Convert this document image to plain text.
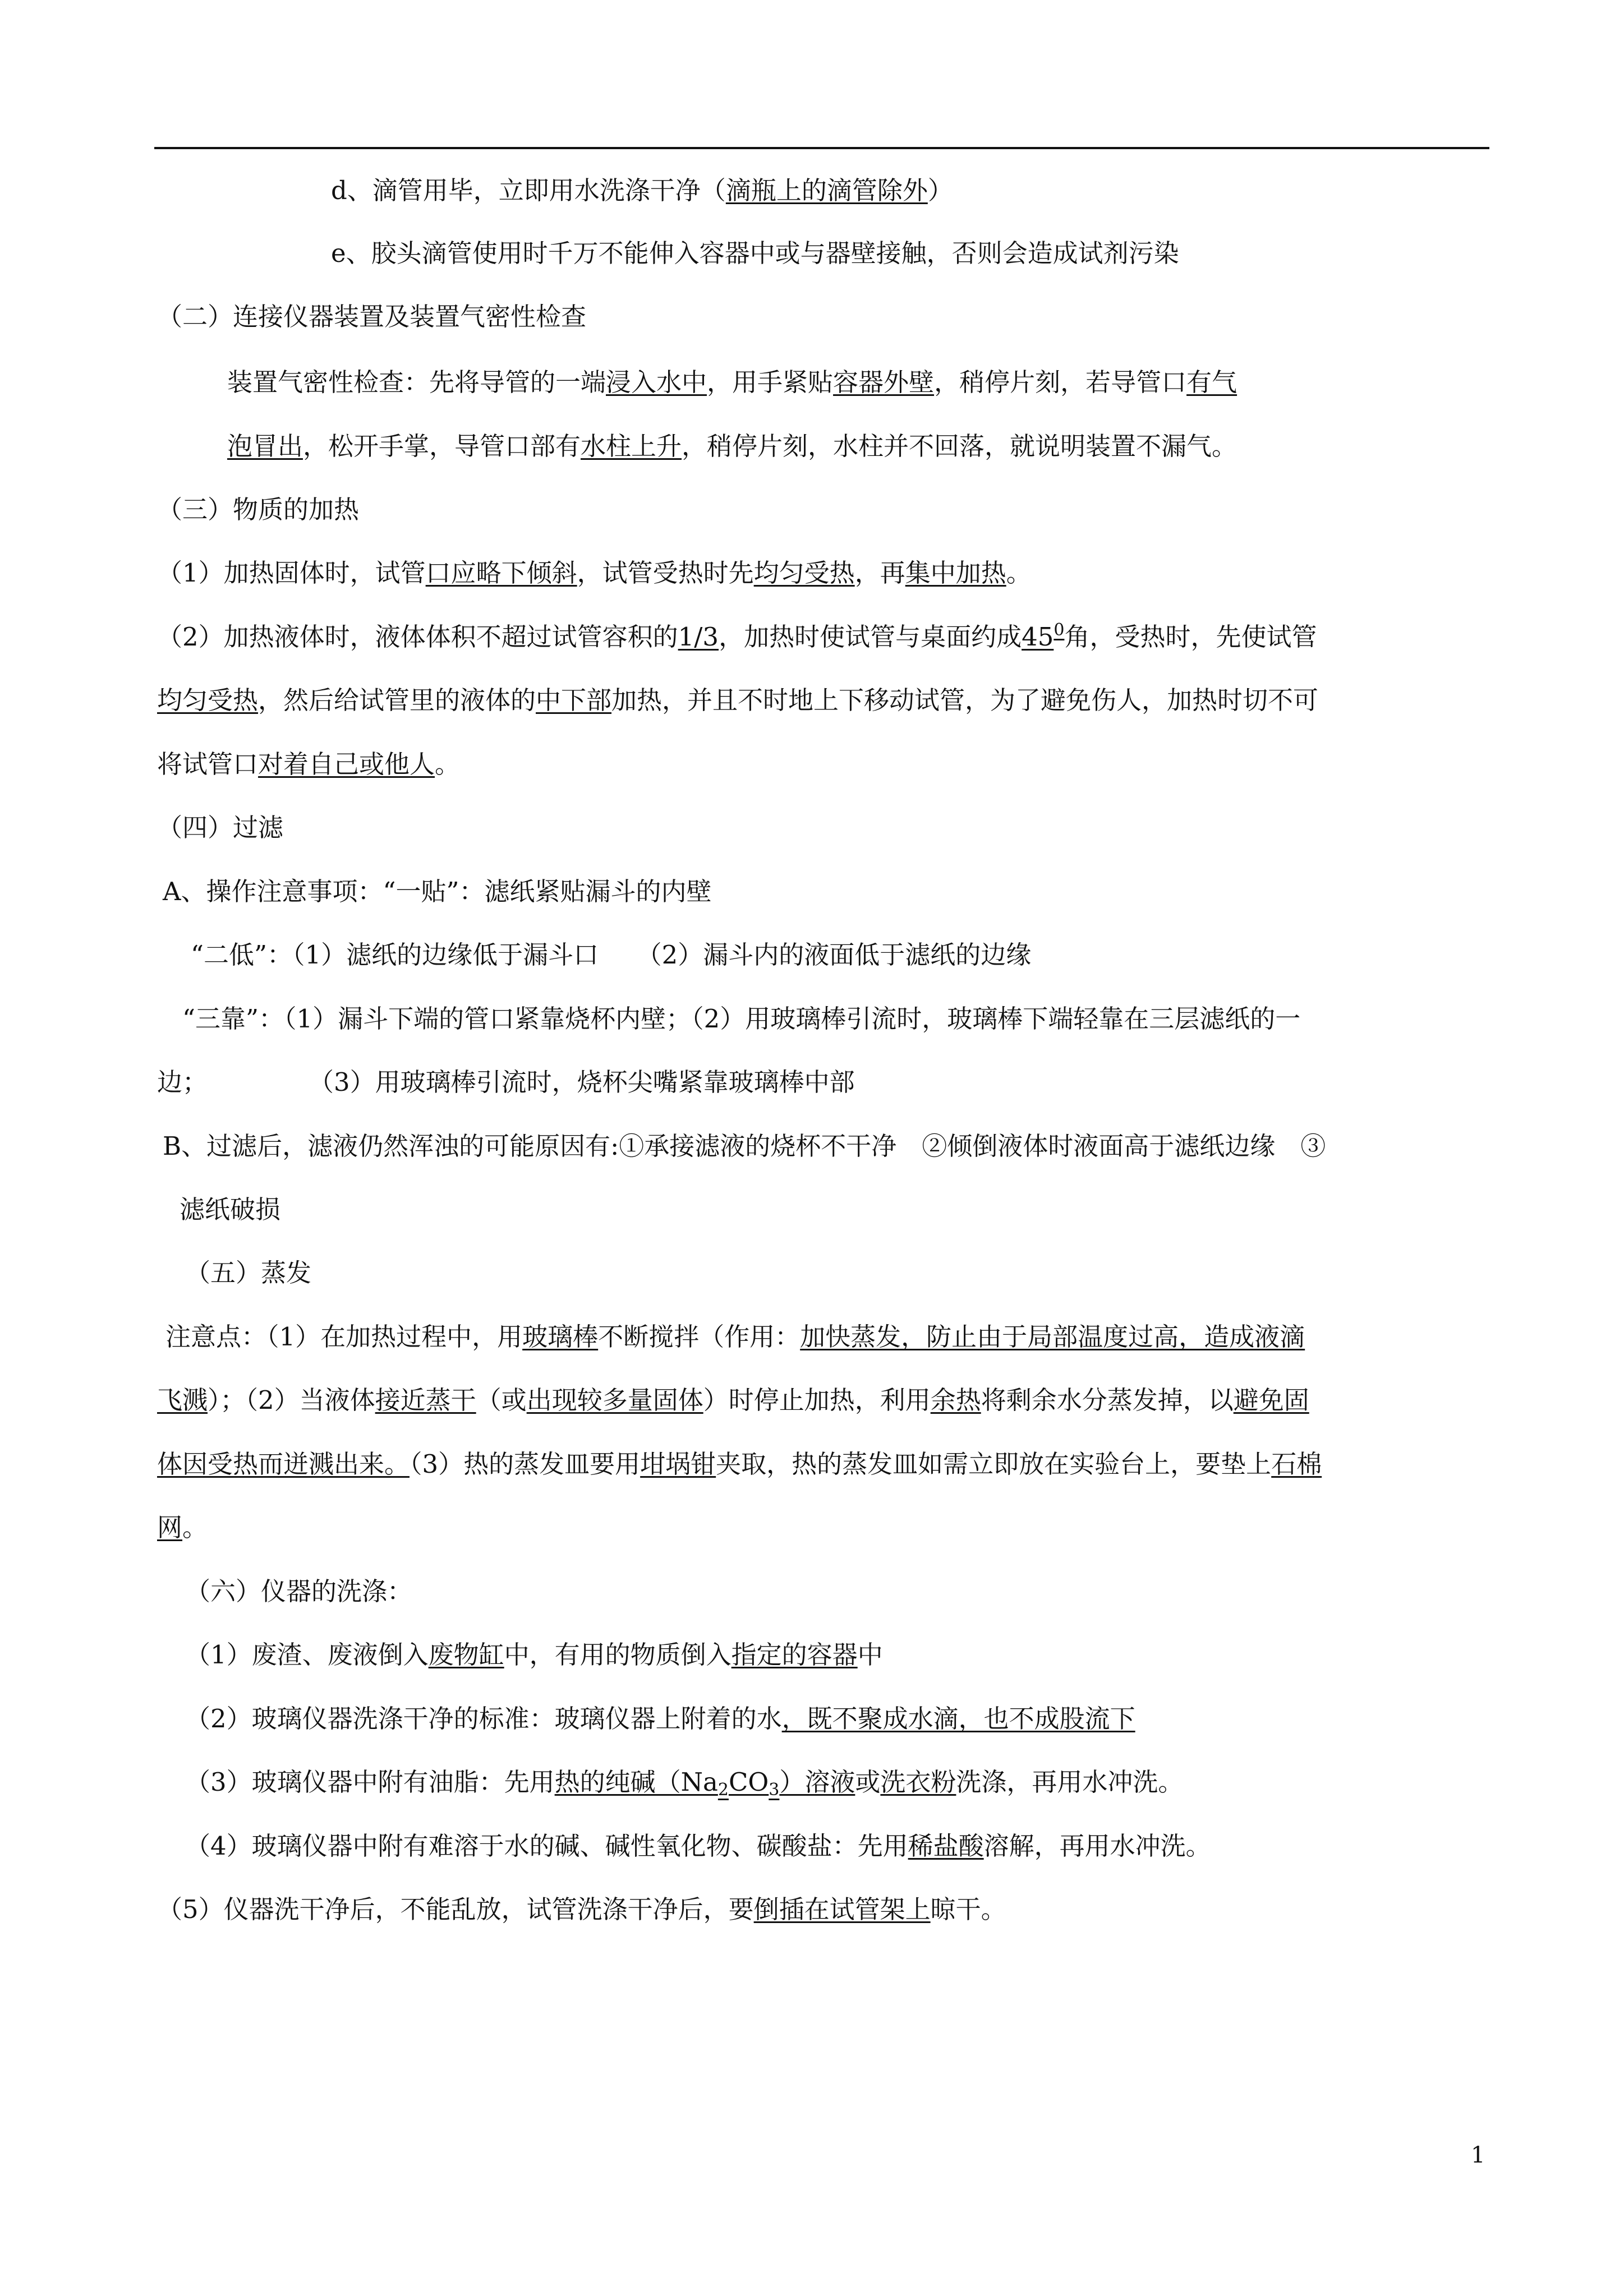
d、滴管用毕，立即用水洗涤干净（滴瓶上的滴管除外）
e、胶头滴管使用时千万不能伸入容器中或与器壁接触，否则会造成试剂污染
（二）连接仪器装置及装置气密性检查
装置气密性检查：先将导管的一端浸入水中，用手紧贴容器外壁，稍停片刻，若导管口有气
泡冒出，松开手掌，导管口部有水柱上升，稍停片刻，水柱并不回落，就说明装置不漏气。
（三）物质的加热
（1）加热固体时，试管口应略下倾斜，试管受热时先均匀受热，再集中加热。
（2）加热液体时，液体体积不超过试管容积的1/3，加热时使试管与桌面约成$45^0$角，受热时，先使试管
均匀受热，然后给试管里的液体的中下部加热，并且不时地上下移动试管，为了避免伤人，加热时切不可
将试管口对着自己或他人。
（四）过滤
A、操作注意事项：“一贴”：滤纸紧贴漏斗的内壁
“二低”：（1）滤纸的边缘低于漏斗口　　（2）漏斗内的液面低于滤纸的边缘
“三靠”：（1）漏斗下端的管口紧靠烧杯内壁；（2）用玻璃棒引流时，玻璃棒下端轻靠在三层滤纸的一
边；　　　　　（3）用玻璃棒引流时，烧杯尖嘴紧靠玻璃棒中部
B、过滤后，滤液仍然浑浊的可能原因有:①承接滤液的烧杯不干净　②倾倒液体时液面高于滤纸边缘　③
滤纸破损
（五）蒸发
注意点：（1）在加热过程中，用玻璃棒不断搅拌（作用：加快蒸发，防止由于局部温度过高，造成液滴
飞溅）；（2）当液体接近蒸干（或出现较多量固体）时停止加热，利用余热将剩余水分蒸发掉，以避免固
体因受热而迸溅出来。（3）热的蒸发皿要用坩埚钳夹取，热的蒸发皿如需立即放在实验台上，要垫上石棉
网。
（六）仪器的洗涤：
（1）废渣、废液倒入废物缸中，有用的物质倒入指定的容器中
（2）玻璃仪器洗涤干净的标准：玻璃仪器上附着的水，既不聚成水滴，也不成股流下
（3）玻璃仪器中附有油脂：先用热的纯碱$(Na_2CO_3)$溶液或洗衣粉洗涤，再用水冲洗。
（4）玻璃仪器中附有难溶于水的碱、碱性氧化物、碳酸盐：先用稀盐酸溶解，再用水冲洗。
（5）仪器洗干净后，不能乱放，试管洗涤干净后，要倒插在试管架上晾干。
1
